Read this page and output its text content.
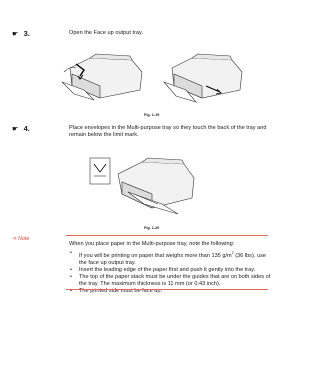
☛ 3.	Open the Face up output tray.
Fig. 1-19
☛ 4.	Place envelopes in the Multi-purpose tray so they touch the back of the tray and remain below the limit mark.
Fig. 1-20
➩ Note
When you place paper in the Multi-purpose tray, note the following:
• If you will be printing on paper that weighs more than 135 $g/m^2$ (36 lbs), use the face up output tray.
• Insert the leading edge of the paper first and push it gently into the tray.
• The top of the paper stack must be under the guides that are on both sides of the tray. The maximum thickness is 11 mm (or 0.43 inch).
• The printed side must be face up.
